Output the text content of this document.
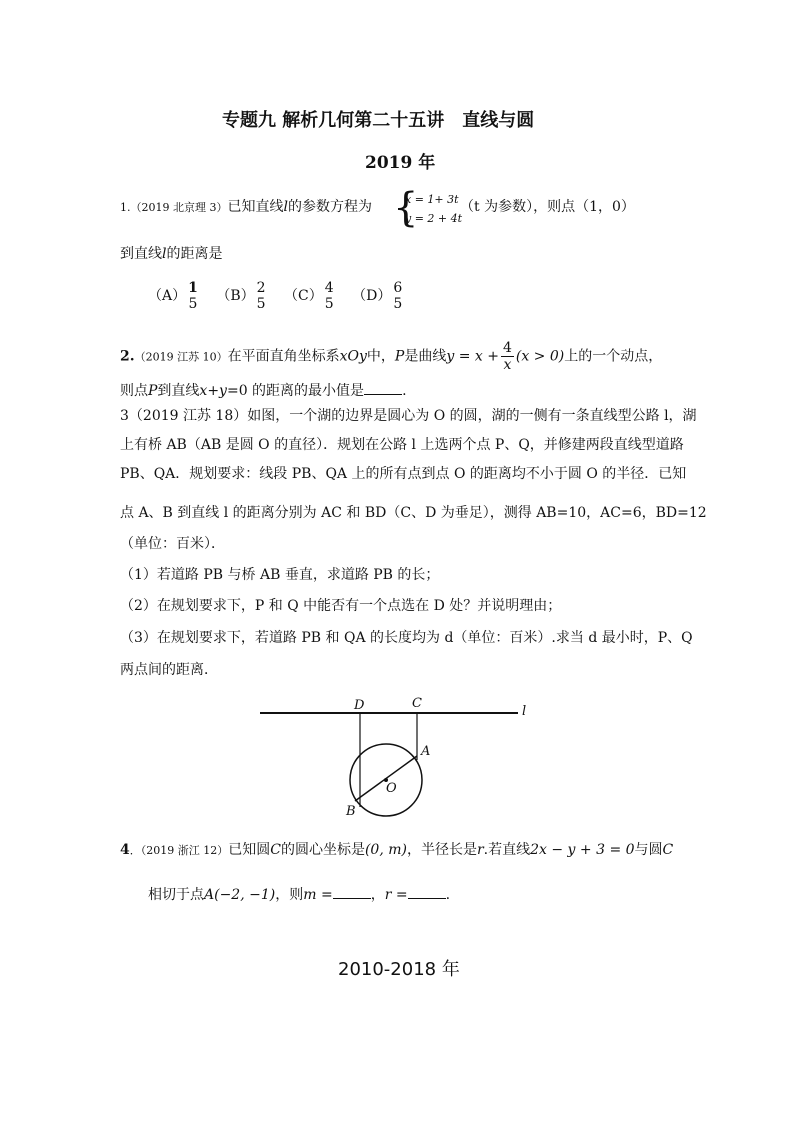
专题九 解析几何第二十五讲　直线与圆
2019 年
1.（2019 北京理 3）已知直线l的参数方程为 {
x = 1+ 3t
y = 2 + 4t
（t 为参数），则点（1，0）
到直线l的距离是
（A） 1
5 （B） 2
5 （C） 4
5 （D） 6
5
2.（2019 江苏 10）在平面直角坐标系xOy中，P是曲线$y = x + \frac{4}{x} (x > 0)$上的一个动点，
则点P到直线x+y=0 的距离的最小值是	.
3（2019 江苏 18）如图，一个湖的边界是圆心为 O 的圆，湖的一侧有一条直线型公路 l，湖
上有桥 AB（AB 是圆 O 的直径）．规划在公路 l 上选两个点 P、Q，并修建两段直线型道路
PB、QA．规划要求：线段 PB、QA 上的所有点到点 O 的距离均不小于圆 O 的半径．已知
点 A、B 到直线 l 的距离分别为 AC 和 BD（C、D 为垂足），测得 AB=10，AC=6，BD=12
（单位：百米）．
（1）若道路 PB 与桥 AB 垂直，求道路 PB 的长；
（2）在规划要求下，P 和 Q 中能否有一个点选在 D 处？并说明理由；
（3）在规划要求下，若道路 PB 和 QA 的长度均为 d（单位：百米）.求当 d 最小时，P、Q
两点间的距离．
D	C
l
A
O
B
4．（2019 浙江 12）已知圆C的圆心坐标是(0, m)，半径长是r.若直线2x − y + 3 = 0与圆C
相切于点A(−2, −1)，则m =	，r =	.
2010-2018 年
